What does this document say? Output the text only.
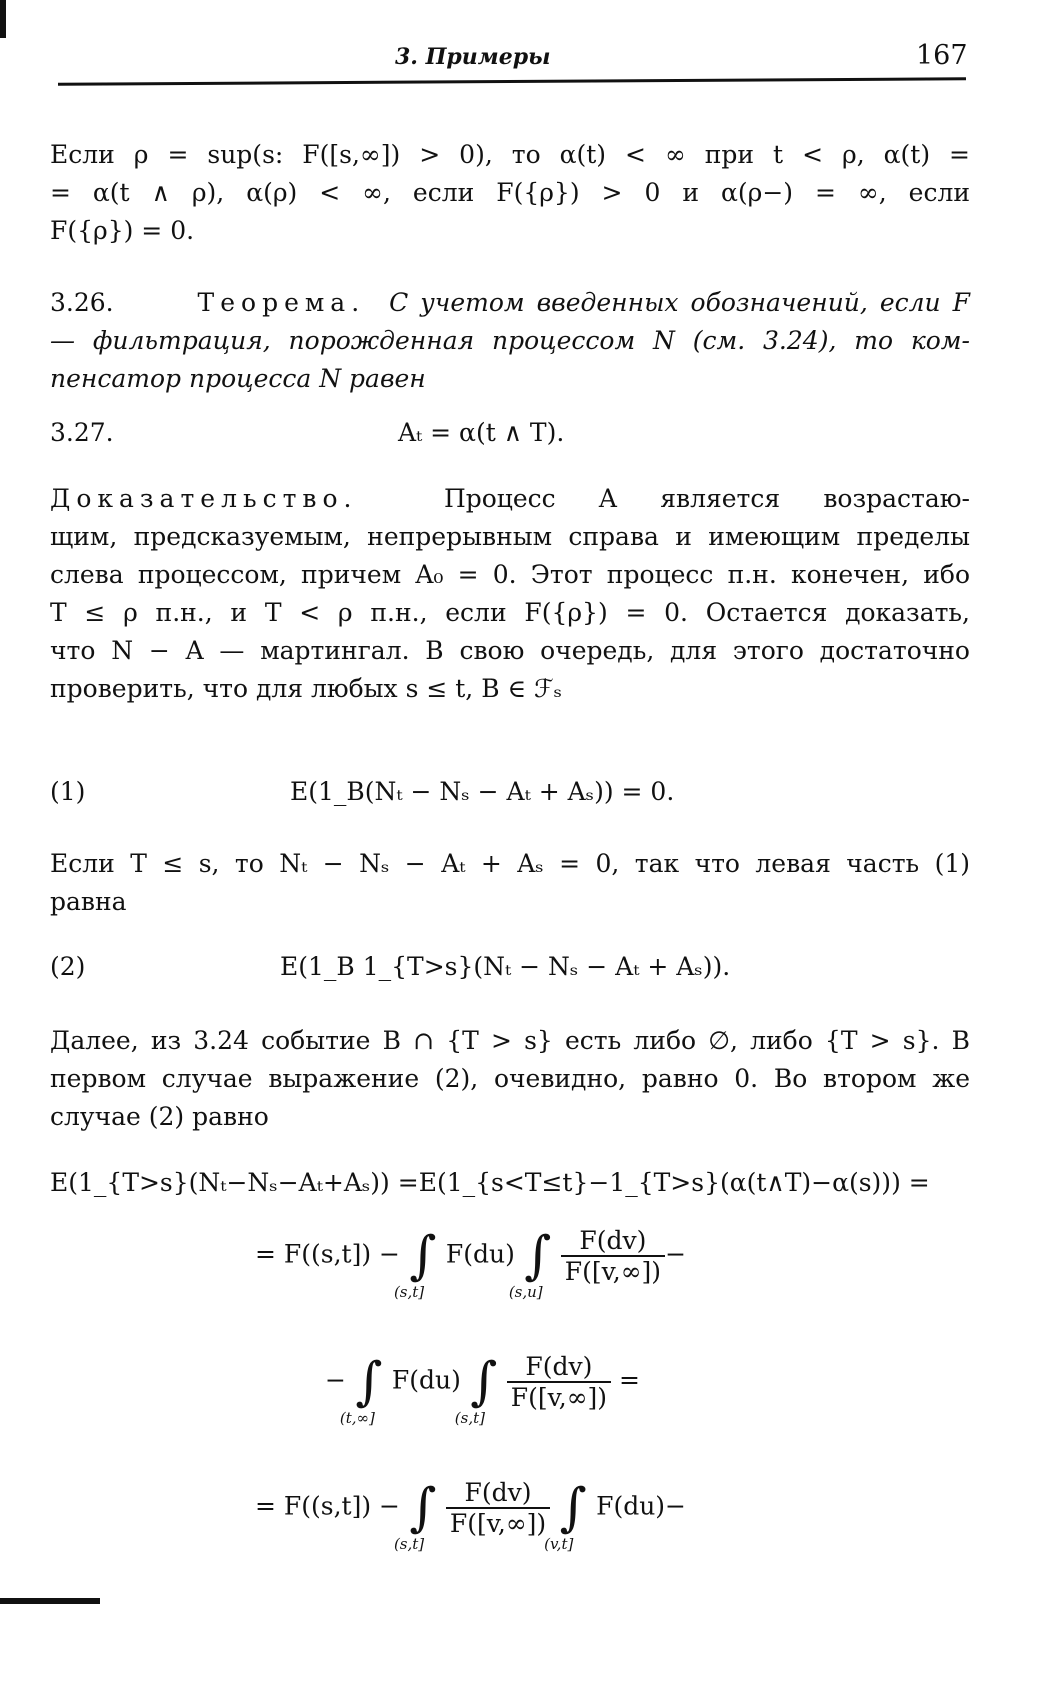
3. Примеры	167
Если ρ = sup(s: F([s,∞]) > 0), то α(t) < ∞ при t < ρ, α(t) =
= α(t ∧ ρ), α(ρ) < ∞, если F({ρ}) > 0 и α(ρ−) = ∞, если
F({ρ}) = 0.
3.26.	Теорема. С учетом введенных обозначений, если F
— фильтрация, порожденная процессом N (см. 3.24), то ком-
пенсатор процесса N равен
3.27.	Aₜ = α(t ∧ T).
Доказательство.	Процесс A является возрастаю-
щим, предсказуемым, непрерывным справа и имеющим пределы
слева процессом, причем A₀ = 0. Этот процесс п.н. конечен, ибо
T ≤ ρ п.н., и T < ρ п.н., если F({ρ}) = 0. Остается доказать,
что N − A — мартингал. В свою очередь, для этого достаточно
проверить, что для любых s ≤ t, B ∈ ℱₛ
(1)	E(1_B(Nₜ − Nₛ − Aₜ + Aₛ)) = 0.
Если T ≤ s, то Nₜ − Nₛ − Aₜ + Aₛ = 0, так что левая часть (1)
равна
(2)	E(1_B 1_{T>s}(Nₜ − Nₛ − Aₜ + Aₛ)).
Далее, из 3.24 событие B ∩ {T > s} есть либо ∅, либо {T > s}. В
первом случае выражение (2), очевидно, равно 0. Во втором же
случае (2) равно
E(1_{T>s}(Nₜ−Nₛ−Aₜ+Aₛ)) =E(1_{s<T≤t}−1_{T>s}(α(t∧T)−α(s))) =
= F((s,t]) − ∫
(s,t]
F(du) ∫
(s,u]

$\frac{F(dv)}{F([v,\infty])}$ −
− ∫
(t,∞]
F(du) ∫
(s,t]

$\frac{F(dv)}{F([v,\infty])}$ =
= F((s,t]) − ∫
(s,t]

$\frac{F(dv)}{F([v,\infty])}$ ∫
(v,t]
F(du)−
